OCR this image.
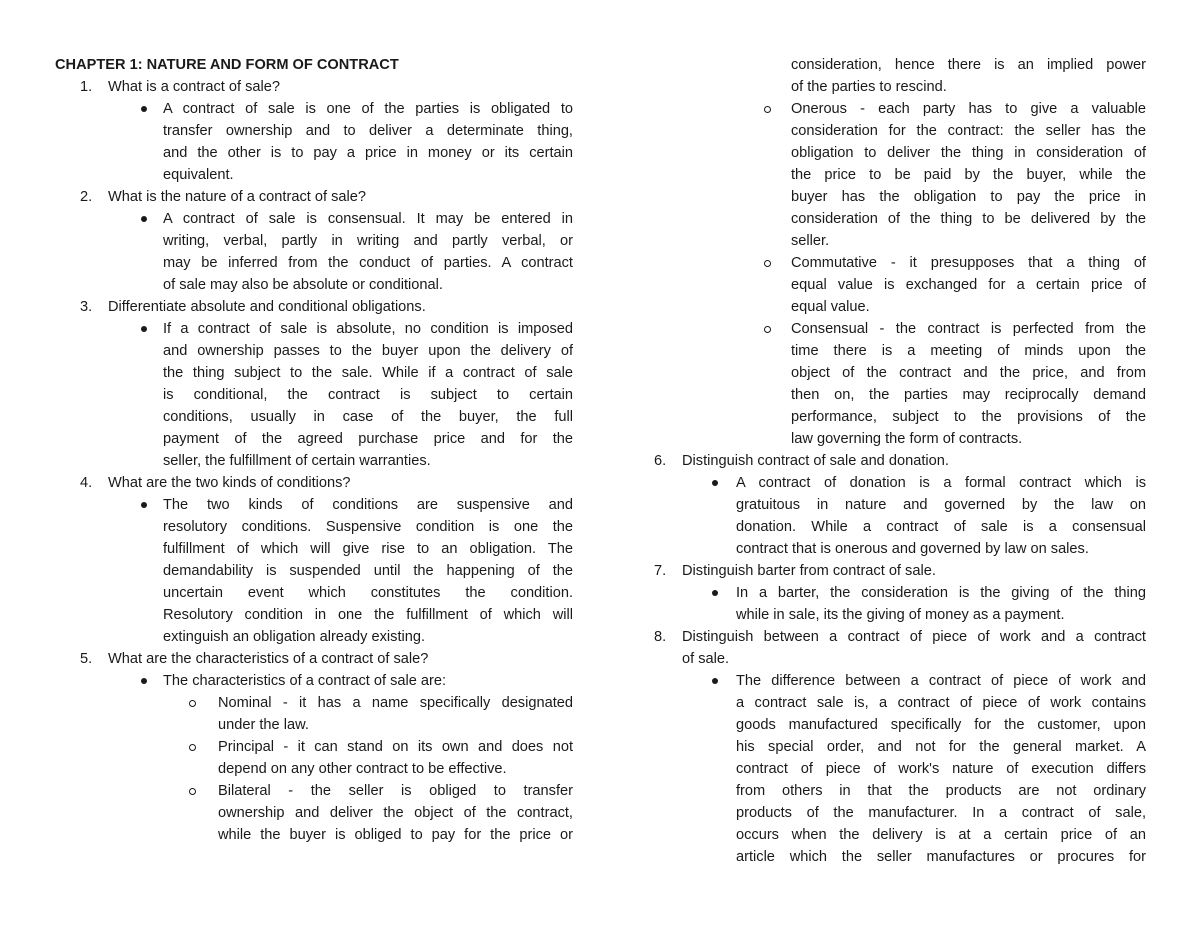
CHAPTER 1: NATURE AND FORM OF CONTRACT
1. What is a contract of sale?
A contract of sale is one of the parties is obligated to
transfer ownership and to deliver a determinate thing,
and the other is to pay a price in money or its certain
equivalent.
2. What is the nature of a contract of sale?
A contract of sale is consensual. It may be entered in
writing, verbal, partly in writing and partly verbal, or
may be inferred from the conduct of parties. A contract
of sale may also be absolute or conditional.
3. Differentiate absolute and conditional obligations.
If a contract of sale is absolute, no condition is imposed
and ownership passes to the buyer upon the delivery of
the thing subject to the sale. While if a contract of sale
is conditional, the contract is subject to certain
conditions, usually in case of the buyer, the full
payment of the agreed purchase price and for the
seller, the fulfillment of certain warranties.
4. What are the two kinds of conditions?
The two kinds of conditions are suspensive and
resolutory conditions. Suspensive condition is one the
fulfillment of which will give rise to an obligation. The
demandability is suspended until the happening of the
uncertain event which constitutes the condition.
Resolutory condition in one the fulfillment of which will
extinguish an obligation already existing.
5. What are the characteristics of a contract of sale?
The characteristics of a contract of sale are:
Nominal - it has a name specifically designated
under the law.
Principal - it can stand on its own and does not
depend on any other contract to be effective.
Bilateral - the seller is obliged to transfer
ownership and deliver the object of the contract,
while the buyer is obliged to pay for the price or
consideration, hence there is an implied power
of the parties to rescind.
Onerous - each party has to give a valuable
consideration for the contract: the seller has the
obligation to deliver the thing in consideration of
the price to be paid by the buyer, while the
buyer has the obligation to pay the price in
consideration of the thing to be delivered by the
seller.
Commutative - it presupposes that a thing of
equal value is exchanged for a certain price of
equal value.
Consensual - the contract is perfected from the
time there is a meeting of minds upon the
object of the contract and the price, and from
then on, the parties may reciprocally demand
performance, subject to the provisions of the
law governing the form of contracts.
6. Distinguish contract of sale and donation.
A contract of donation is a formal contract which is
gratuitous in nature and governed by the law on
donation. While a contract of sale is a consensual
contract that is onerous and governed by law on sales.
7. Distinguish barter from contract of sale.
In a barter, the consideration is the giving of the thing
while in sale, its the giving of money as a payment.
8. Distinguish between a contract of piece of work and a contract
of sale.
The difference between a contract of piece of work and
a contract sale is, a contract of piece of work contains
goods manufactured specifically for the customer, upon
his special order, and not for the general market. A
contract of piece of work's nature of execution differs
from others in that the products are not ordinary
products of the manufacturer. In a contract of sale,
occurs when the delivery is at a certain price of an
article which the seller manufactures or procures for
